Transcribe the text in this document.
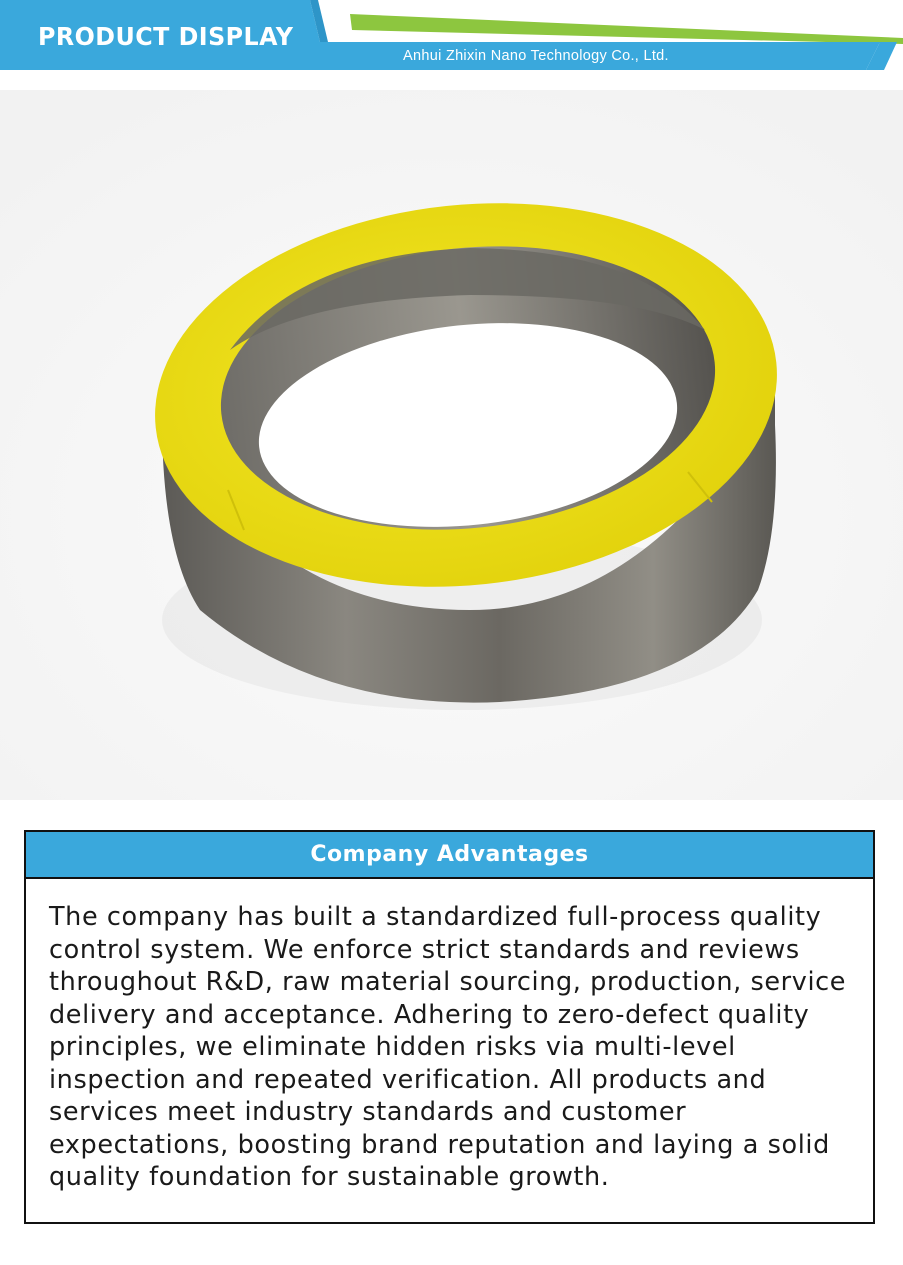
PRODUCT DISPLAY
Anhui Zhixin Nano Technology Co., Ltd.
Company Advantages
The company has built a standardized full-process quality control system. We enforce strict standards and reviews throughout R&D, raw material sourcing, production, service delivery and acceptance. Adhering to zero-defect quality principles, we eliminate hidden risks via multi-level inspection and repeated verification. All products and services meet industry standards and customer expectations, boosting brand reputation and laying a solid quality foundation for sustainable growth.
